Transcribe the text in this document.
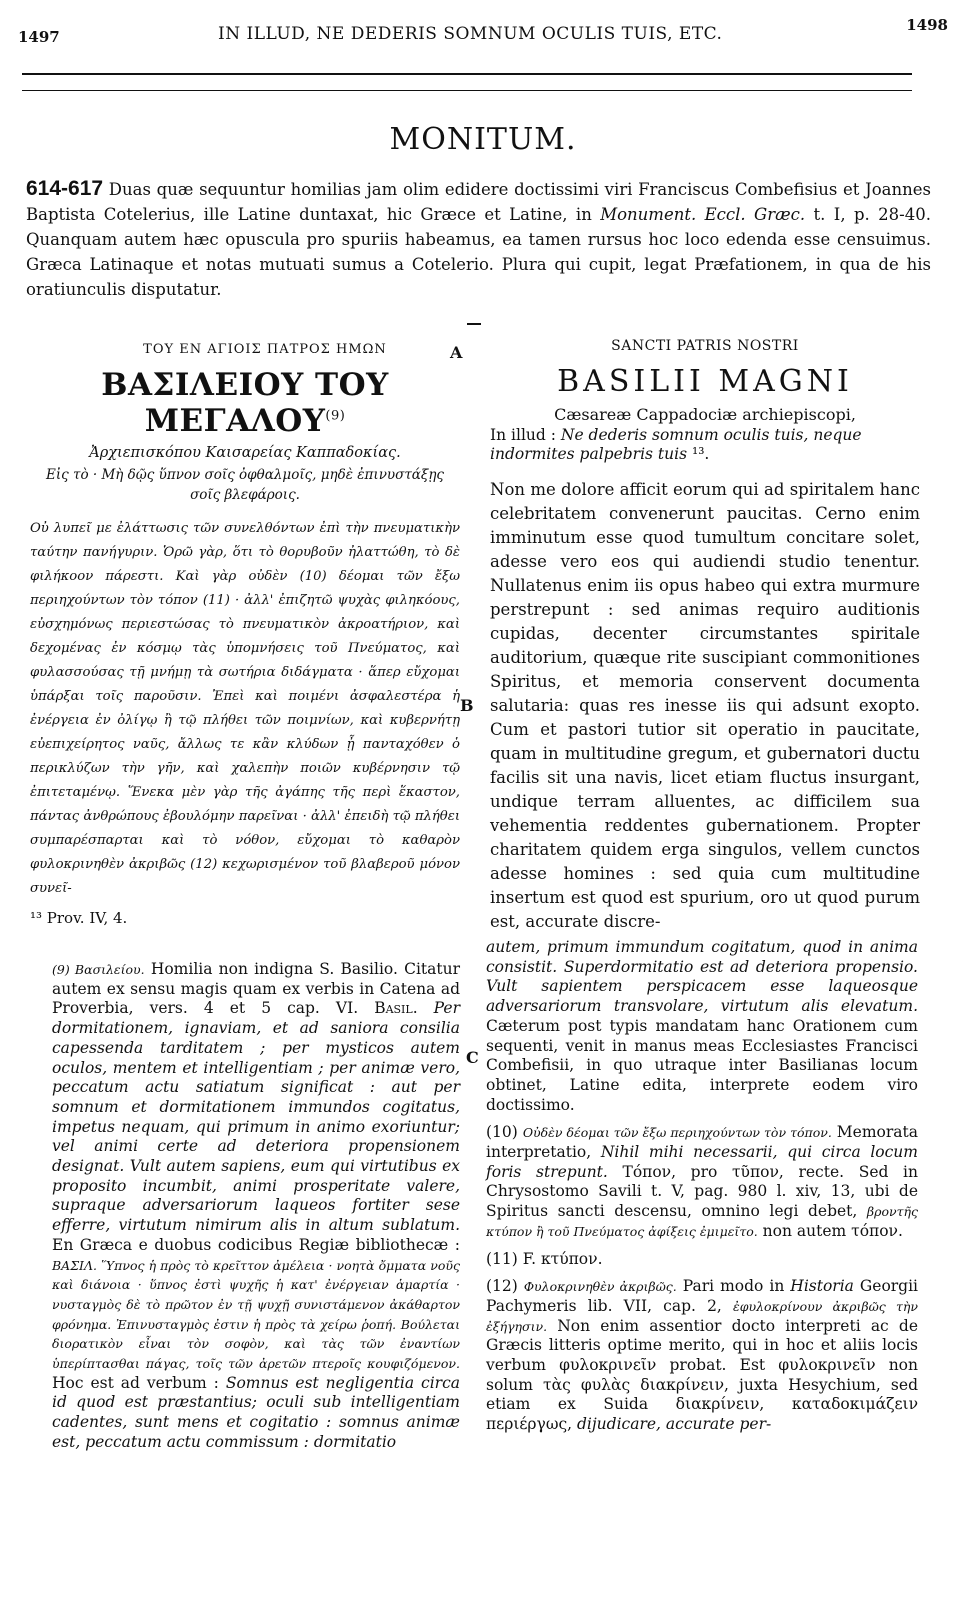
1497	IN ILLUD, NE DEDERIS SOMNUM OCULIS TUIS, ETC.	1498
MONITUM.
614-617 Duas quæ sequuntur homilias jam olim edidere doctissimi viri Franciscus Combefisius et Joannes Baptista Cotelerius, ille Latine duntaxat, hic Græce et Latine, in Monument. Eccl. Græc. t. I, p. 28-40. Quanquam autem hæc opuscula pro spuriis habeamus, ea tamen rursus hoc loco edenda esse censuimus. Græca Latinaque et notas mutuati sumus a Cotelerio. Plura qui cupit, legat Præfationem, in qua de his oratiunculis disputatur.
A
B
C
ΤΟΥ ΕΝ ΑΓΙΟΙΣ ΠΑΤΡΟΣ ΗΜΩΝ
ΒΑΣΙΛΕΙΟΥ ΤΟΥ ΜΕΓΑΛΟΥ$^{(9)}$
Ἀρχιεπισκόπου Καισαρείας Καππαδοκίας.
Εἰς τὸ · Μὴ δῷς ὕπνον σοῖς ὀφθαλμοῖς, μηδὲ ἐπινυστάξῃς σοῖς βλεφάροις.
Οὐ λυπεῖ με ἐλάττωσις τῶν συνελθόντων ἐπὶ τὴν πνευματικὴν ταύτην πανήγυριν. Ὁρῶ γὰρ, ὅτι τὸ θορυβοῦν ἠλαττώθη, τὸ δὲ φιλήκοον πάρεστι. Καὶ γὰρ οὐδὲν (10) δέομαι τῶν ἔξω περιηχούντων τὸν τόπον (11) · ἀλλ' ἐπιζητῶ ψυχὰς φιληκόους, εὐσχημόνως περιεστώσας τὸ πνευματικὸν ἀκροατήριον, καὶ δεχομένας ἐν κόσμῳ τὰς ὑπομνήσεις τοῦ Πνεύματος, καὶ φυλασσούσας τῇ μνήμῃ τὰ σωτήρια διδάγματα · ἅπερ εὔχομαι ὑπάρξαι τοῖς παροῦσιν. Ἐπεὶ καὶ ποιμένι ἀσφαλεστέρα ἡ ἐνέργεια ἐν ὀλίγῳ ἢ τῷ πλήθει τῶν ποιμνίων, καὶ κυβερνήτῃ εὐεπιχείρητος ναῦς, ἄλλως τε κἂν κλύδων ᾖ πανταχόθεν ὁ περικλύζων τὴν γῆν, καὶ χαλεπὴν ποιῶν κυβέρνησιν τῷ ἐπιτεταμένῳ. Ἕνεκα μὲν γὰρ τῆς ἀγάπης τῆς περὶ ἕκαστον, πάντας ἀνθρώπους ἐβουλόμην παρεῖναι · ἀλλ' ἐπειδὴ τῷ πλήθει συμπαρέσπαρται καὶ τὸ νόθον, εὔχομαι τὸ καθαρὸν φυλοκρινηθὲν ἀκριβῶς (12) κεχωρισμένον τοῦ βλαβεροῦ μόνον συνεῖ-
¹³ Prov. IV, 4.
SANCTI PATRIS NOSTRI
BASILII MAGNI
Cæsareæ Cappadociæ archiepiscopi,
In illud : Ne dederis somnum oculis tuis, neque indormites palpebris tuis ¹³.
Non me dolore afficit eorum qui ad spiritalem hanc celebritatem convenerunt paucitas. Cerno enim imminutum esse quod tumultum concitare solet, adesse vero eos qui audiendi studio tenentur. Nullatenus enim iis opus habeo qui extra murmure perstrepunt : sed animas requiro auditionis cupidas, decenter circumstantes spiritale auditorium, quæque rite suscipiant commonitiones Spiritus, et memoria conservent documenta salutaria: quas res inesse iis qui adsunt exopto. Cum et pastori tutior sit operatio in paucitate, quam in multitudine gregum, et gubernatori ductu facilis sit una navis, licet etiam fluctus insurgant, undique terram alluentes, ac difficilem sua vehementia reddentes gubernationem. Propter charitatem quidem erga singulos, vellem cunctos adesse homines : sed quia cum multitudine insertum est quod est spurium, oro ut quod purum est, accurate discre-

(9) Βασιλείου. Homilia non indigna S. Basilio. Citatur autem ex sensu magis quam ex verbis in Catena ad Proverbia, vers. 4 et 5 cap. VI. Basil. Per dormitationem, ignaviam, et ad saniora consilia capessenda tarditatem ; per mysticos autem oculos, mentem et intelligentiam ; per animæ vero, peccatum actu satiatum significat : aut per somnum et dormitationem immundos cogitatus, impetus nequam, qui primum in animo exoriuntur; vel animi certe ad deteriora propensionem designat. Vult autem sapiens, eum qui virtutibus ex proposito incumbit, animi prosperitate valere, supraque adversariorum laqueos fortiter sese efferre, virtutum nimirum alis in altum sublatum. En Græca e duobus codicibus Regiæ bibliothecæ : ΒΑΣΙΛ. Ὕπνος ἡ πρὸς τὸ κρεῖττον ἀμέλεια · νοητὰ ὄμματα νοῦς καὶ διάνοια · ὕπνος ἐστὶ ψυχῆς ἡ κατ' ἐνέργειαν ἁμαρτία · νυσταγμὸς δὲ τὸ πρῶτον ἐν τῇ ψυχῇ συνιστάμενον ἀκάθαρτον φρόνημα. Ἐπινυσταγμὸς ἐστιν ἡ πρὸς τὰ χείρω ῥοπή. Βούλεται διορατικὸν εἶναι τὸν σοφὸν, καὶ τὰς τῶν ἐναντίων ὑπερίπτασθαι πάγας, τοῖς τῶν ἀρετῶν πτεροῖς κουφιζόμενον. Hoc est ad verbum : Somnus est negligentia circa id quod est præstantius; oculi sub intelligentiam cadentes, sunt mens et cogitatio : somnus animæ est, peccatum actu commissum : dormitatio

autem, primum immundum cogitatum, quod in anima consistit. Superdormitatio est ad deteriora propensio. Vult sapientem perspicacem esse laqueosque adversariorum transvolare, virtutum alis elevatum. Cæterum post typis mandatam hanc Orationem cum sequenti, venit in manus meas Ecclesiastes Francisci Combefisii, in quo utraque inter Basilianas locum obtinet, Latine edita, interprete eodem viro doctissimo.

(10) Οὐδὲν δέομαι τῶν ἔξω περιηχούντων τὸν τόπον. Memorata interpretatio, Nihil mihi necessarii, qui circa locum foris strepunt. Τόπον, pro τῦπον, recte. Sed in Chrysostomo Savili t. V, pag. 980 l. xiv, 13, ubi de Spiritus sancti descensu, omnino legi debet, βροντῆς κτύπον ἢ τοῦ Πνεύματος ἀφίξεις ἐμιμεῖτο. non autem τόπον.

(11) F. κτύπον.

(12) Φυλοκρινηθὲν ἀκριβῶς. Pari modo in Historia Georgii Pachymeris lib. VII, cap. 2, ἐφυλοκρίνουν ἀκριβῶς τὴν ἐξήγησιν. Non enim assentior docto interpreti ac de Græcis litteris optime merito, qui in hoc et aliis locis verbum φυλοκρινεῖν probat. Est φυλοκρινεῖν non solum τὰς φυλὰς διακρίνειν, juxta Hesychium, sed etiam ex Suida διακρίνειν, καταδοκιμάζειν περιέργως, dijudicare, accurate per-
